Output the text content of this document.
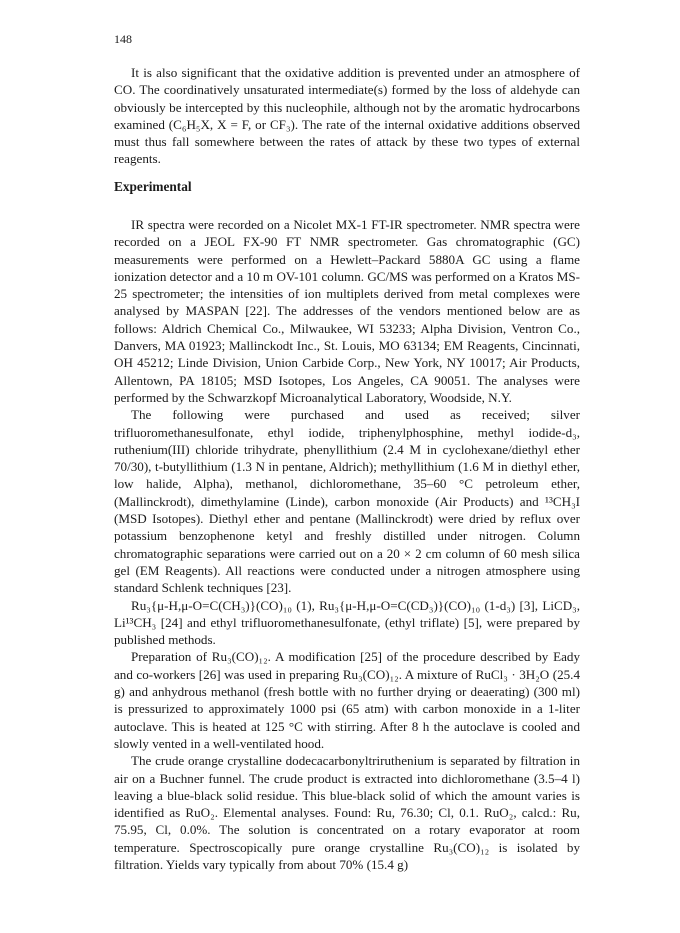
148

It is also significant that the oxidative addition is prevented under an atmosphere of CO. The coordinatively unsaturated intermediate(s) formed by the loss of aldehyde can obviously be intercepted by this nucleophile, although not by the aromatic hydrocarbons examined (C₆H₅X, X = F, or CF₃). The rate of the internal oxidative additions observed must thus fall somewhere between the rates of attack by these two types of external reagents.

Experimental

IR spectra were recorded on a Nicolet MX-1 FT-IR spectrometer. NMR spectra were recorded on a JEOL FX-90 FT NMR spectrometer. Gas chromatographic (GC) measurements were performed on a Hewlett–Packard 5880A GC using a flame ionization detector and a 10 m OV-101 column. GC/MS was performed on a Kratos MS-25 spectrometer; the intensities of ion multiplets derived from metal complexes were analysed by MASPAN [22]. The addresses of the vendors mentioned below are as follows: Aldrich Chemical Co., Milwaukee, WI 53233; Alpha Division, Ventron Co., Danvers, MA 01923; Mallinckodt Inc., St. Louis, MO 63134; EM Reagents, Cincinnati, OH 45212; Linde Division, Union Carbide Corp., New York, NY 10017; Air Products, Allentown, PA 18105; MSD Isotopes, Los Angeles, CA 90051. The analyses were performed by the Schwarzkopf Microanalytical Laboratory, Woodside, N.Y.

The following were purchased and used as received; silver trifluoromethanesulfonate, ethyl iodide, triphenylphosphine, methyl iodide-d₃, ruthenium(III) chloride trihydrate, phenyllithium (2.4 M in cyclohexane/diethyl ether 70/30), t-butyllithium (1.3 N in pentane, Aldrich); methyllithium (1.6 M in diethyl ether, low halide, Alpha), methanol, dichloromethane, 35–60 °C petroleum ether, (Mallinckrodt), dimethylamine (Linde), carbon monoxide (Air Products) and ¹³CH₃I (MSD Isotopes). Diethyl ether and pentane (Mallinckrodt) were dried by reflux over potassium benzophenone ketyl and freshly distilled under nitrogen. Column chromatographic separations were carried out on a 20 × 2 cm column of 60 mesh silica gel (EM Reagents). All reactions were conducted under a nitrogen atmosphere using standard Schlenk techniques [23].

Ru₃{μ-H,μ-O=C(CH₃)}(CO)₁₀ (1), Ru₃{μ-H,μ-O=C(CD₃)}(CO)₁₀ (1-d₃) [3], LiCD₃, Li¹³CH₃ [24] and ethyl trifluoromethanesulfonate, (ethyl triflate) [5], were prepared by published methods.

Preparation of Ru₃(CO)₁₂. A modification [25] of the procedure described by Eady and co-workers [26] was used in preparing Ru₃(CO)₁₂. A mixture of RuCl₃ · 3H₂O (25.4 g) and anhydrous methanol (fresh bottle with no further drying or deaerating) (300 ml) is pressurized to approximately 1000 psi (65 atm) with carbon monoxide in a 1-liter autoclave. This is heated at 125 °C with stirring. After 8 h the autoclave is cooled and slowly vented in a well-ventilated hood.

The crude orange crystalline dodecacarbonyltriruthenium is separated by filtration in air on a Buchner funnel. The crude product is extracted into dichloromethane (3.5–4 l) leaving a blue-black solid residue. This blue-black solid of which the amount varies is identified as RuO₂. Elemental analyses. Found: Ru, 76.30; Cl, 0.1. RuO₂, calcd.: Ru, 75.95, Cl, 0.0%. The solution is concentrated on a rotary evaporator at room temperature. Spectroscopically pure orange crystalline Ru₃(CO)₁₂ is isolated by filtration. Yields vary typically from about 70% (15.4 g)
